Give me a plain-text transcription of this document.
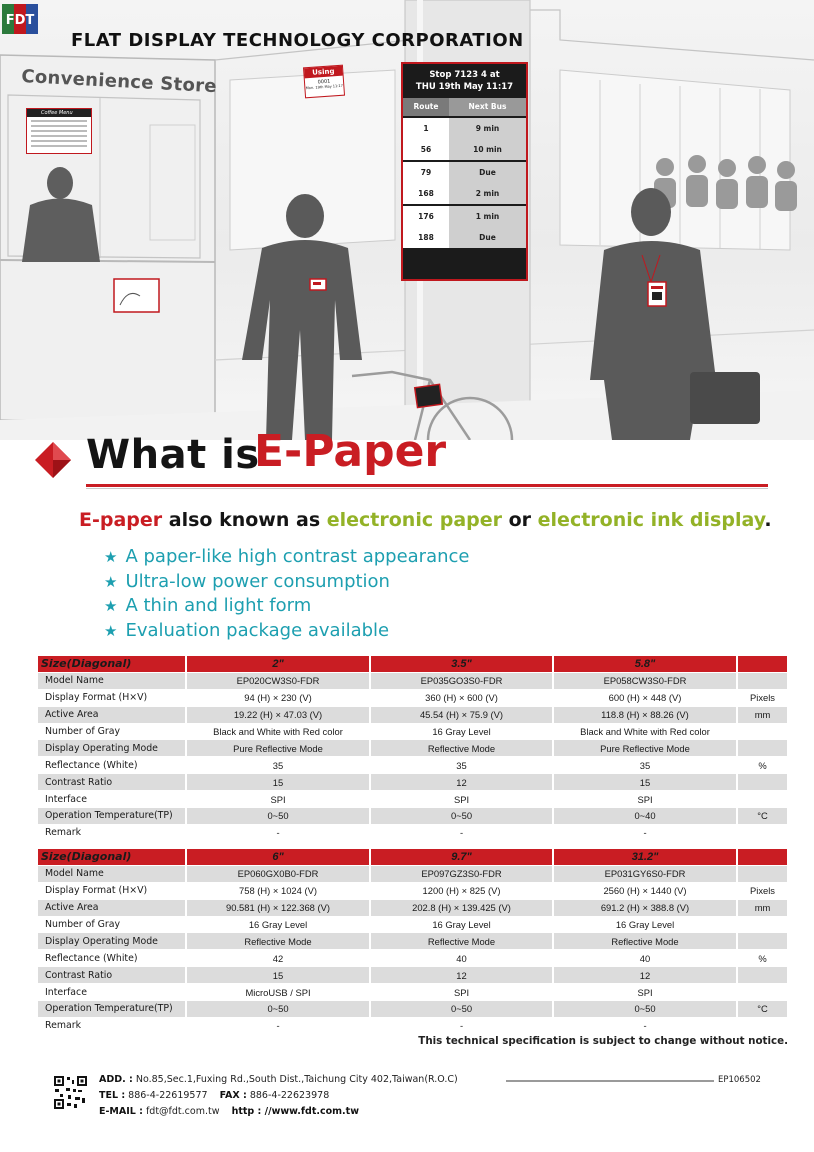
FDT
FLAT DISPLAY TECHNOLOGY CORPORATION
Convenience Store	Using
0001
Mon. 19th May 11:17
Coffee Menu
Stop 7123 4 at
THU 19th May 11:17
Route	Next Bus
1	9 min
56	10 min
79	Due
168	2 min
176	1 min
188	Due
What is
E-Paper
E-paper also known as electronic paper or electronic ink display.
★ A paper-like high contrast appearance
★ Ultra-low power consumption
★ A thin and light form
★ Evaluation package available
Size(Diagonal)	2"	3.5"	5.8"	
Model Name	EP020CW3S0-FDR	EP035GO3S0-FDR	EP058CW3S0-FDR	
Display Format (H×V)	94 (H) × 230 (V)	360 (H) × 600 (V)	600 (H) × 448 (V)	Pixels
Active Area	19.22 (H) × 47.03 (V)	45.54 (H) × 75.9 (V)	118.8 (H) × 88.26 (V)	mm
Number of Gray	Black and White with Red color	16 Gray Level	Black and White with Red color	
Display Operating Mode	Pure Reflective Mode	Reflective Mode	Pure Reflective Mode	
Reflectance (White)	35	35	35	%
Contrast Ratio	15	12	15	
Interface	SPI	SPI	SPI	
Operation Temperature(TP)	0~50	0~50	0~40	°C
Remark	-	-	-	
Size(Diagonal)	6"	9.7"	31.2"	
Model Name	EP060GX0B0-FDR	EP097GZ3S0-FDR	EP031GY6S0-FDR	
Display Format (H×V)	758 (H) × 1024 (V)	1200 (H) × 825 (V)	2560 (H) × 1440 (V)	Pixels
Active Area	90.581 (H) × 122.368 (V)	202.8 (H) × 139.425 (V)	691.2 (H) × 388.8 (V)	mm
Number of Gray	16 Gray Level	16 Gray Level	16 Gray Level	
Display Operating Mode	Reflective Mode	Reflective Mode	Reflective Mode	
Reflectance (White)	42	40	40	%
Contrast Ratio	15	12	12	
Interface	MicroUSB / SPI	SPI	SPI	
Operation Temperature(TP)	0~50	0~50	0~50	°C
Remark	-	-	-	
This technical specification is subject to change without notice.
ADD. : No.85,Sec.1,Fuxing Rd.,South Dist.,Taichung City 402,Taiwan(R.O.C)	EP106502
TEL : 886-4-22619577 FAX : 886-4-22623978
E-MAIL : fdt@fdt.com.tw http : //www.fdt.com.tw
